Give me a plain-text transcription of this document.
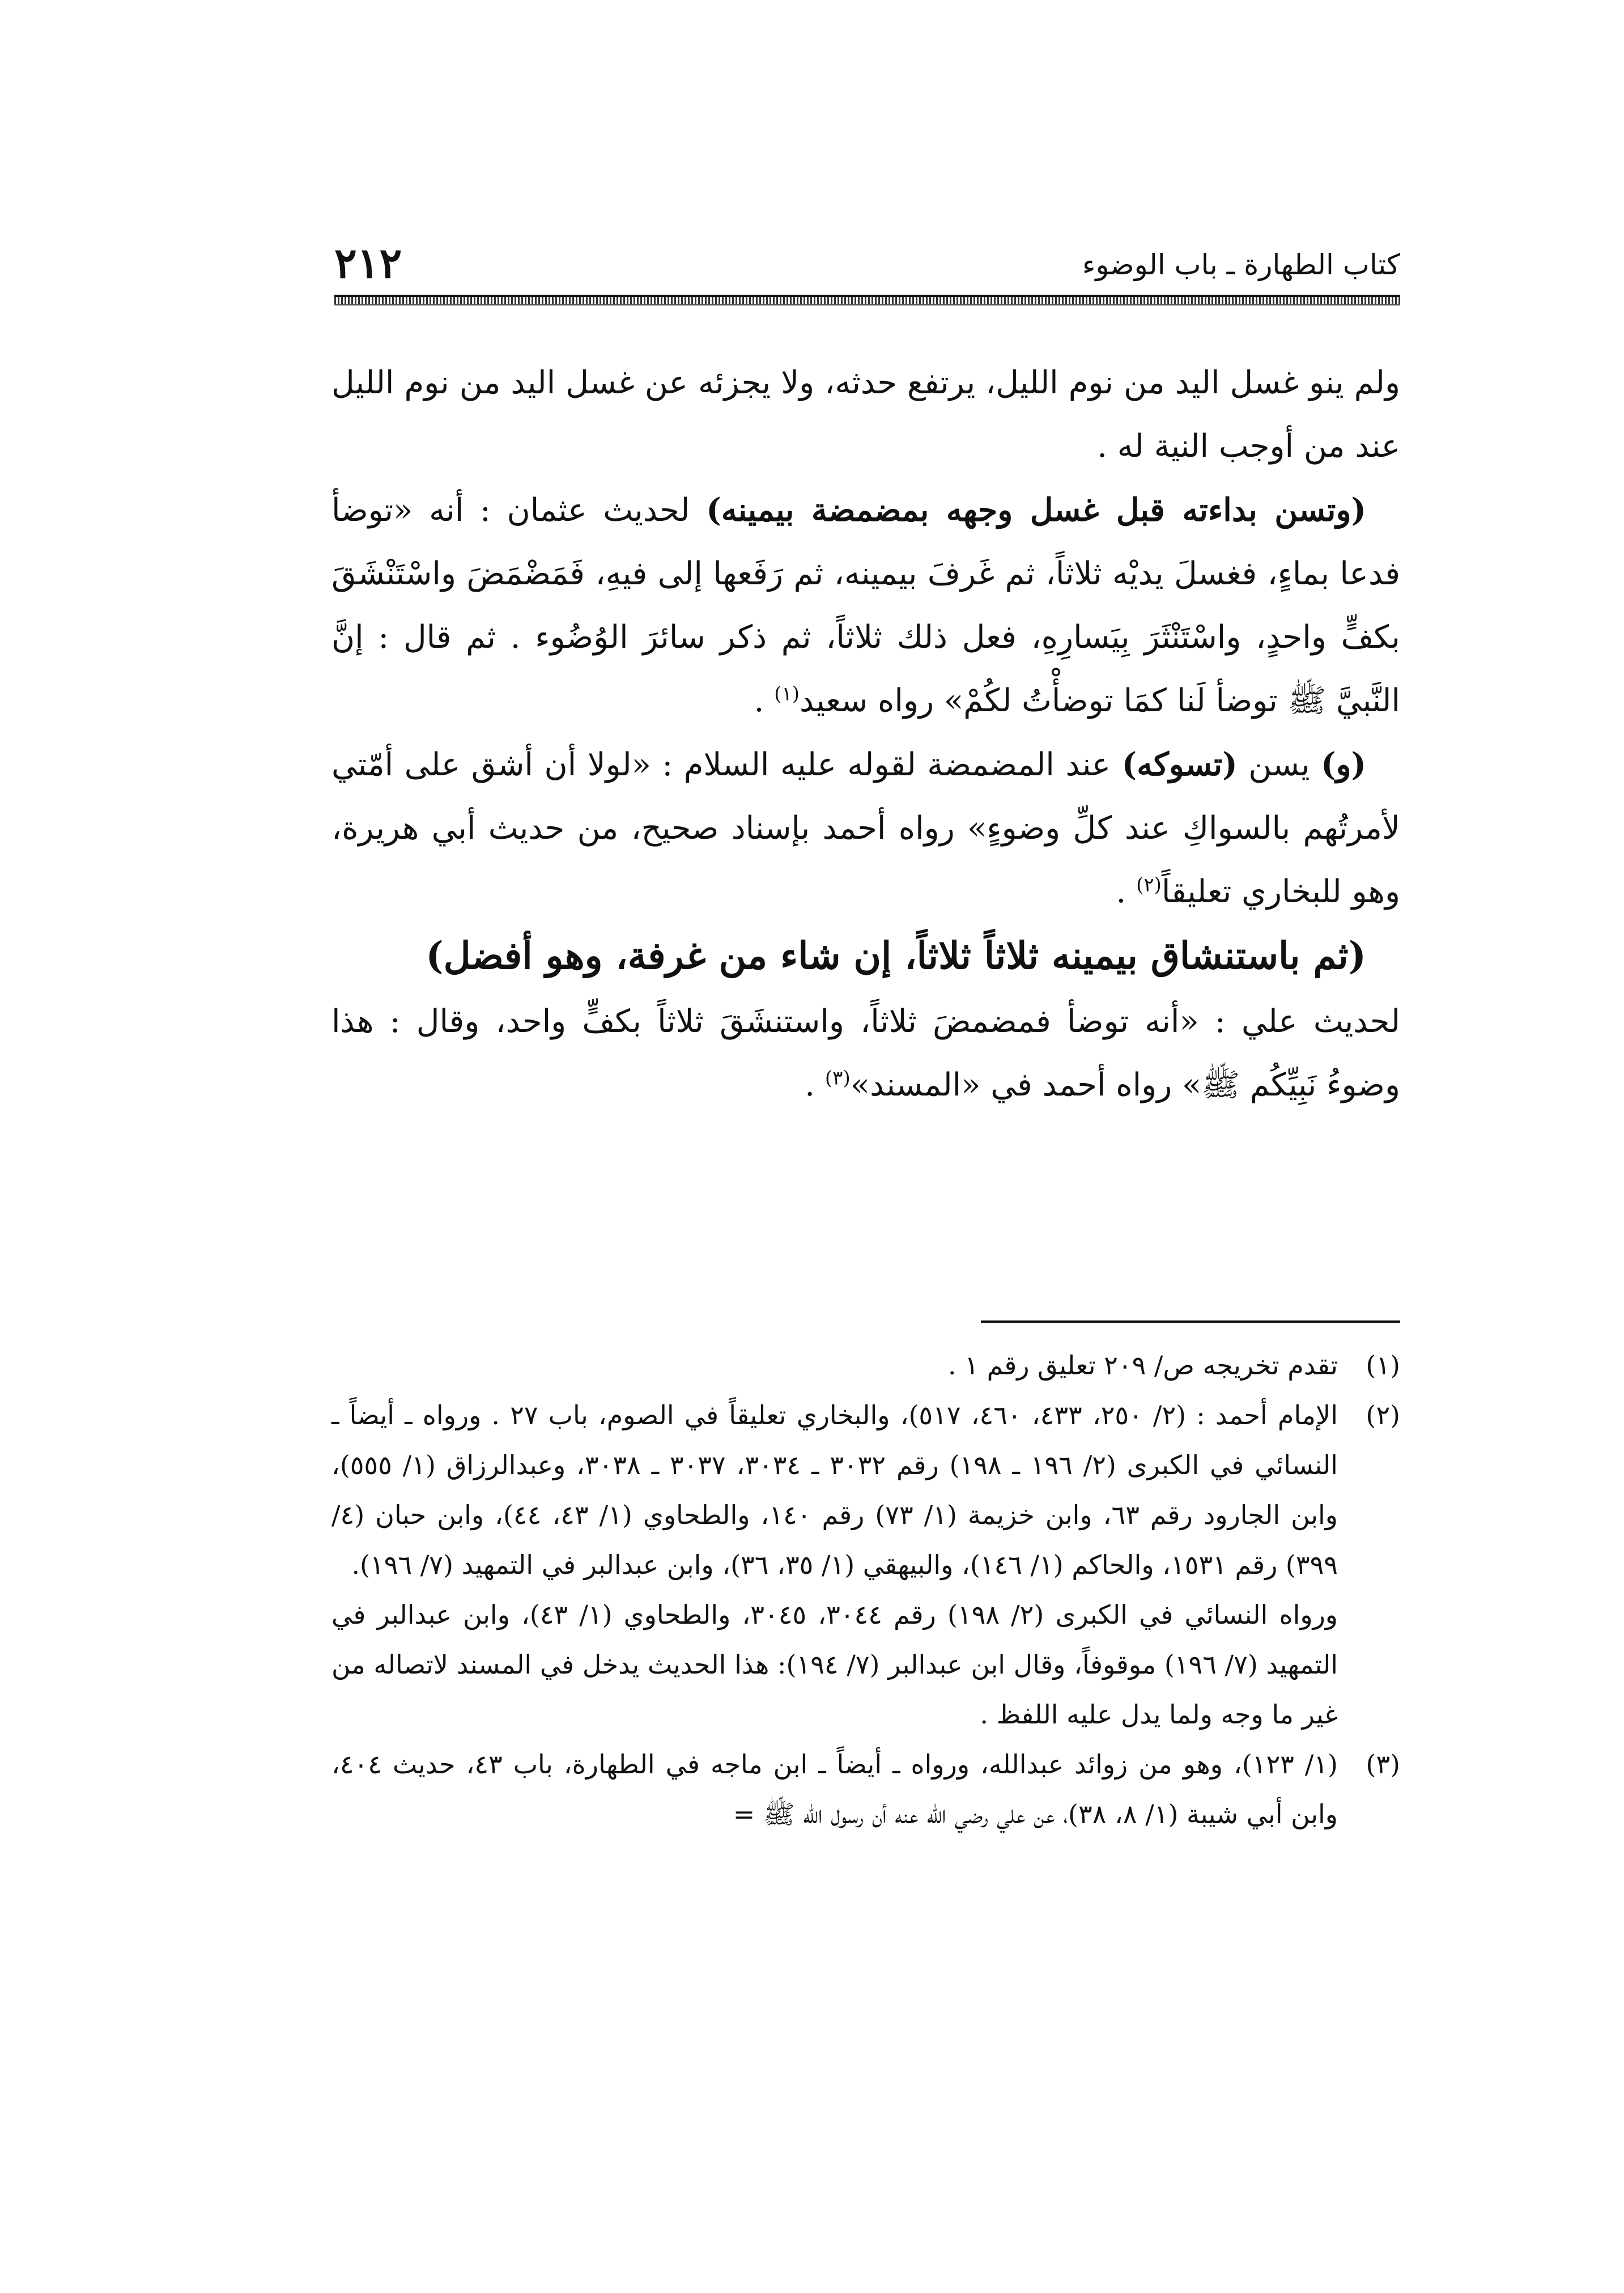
كتاب الطهارة ـ باب الوضوء
٢١٢

ولم ينو غسل اليد من نوم الليل، يرتفع حدثه، ولا يجزئه عن غسل اليد من نوم الليل عند من أوجب النية له .

(وتسن بداءته قبل غسل وجهه بمضمضة بيمينه) لحديث عثمان : أنه «توضأ فدعا بماءٍ، فغسلَ يديْه ثلاثاً، ثم غَرفَ بيمينه، ثم رَفَعها إلى فيهِ، فَمَضْمَضَ واسْتَنْشَقَ بكفٍّ واحدٍ، واسْتَنْثَرَ بِيَسارِهِ، فعل ذلك ثلاثاً، ثم ذكر سائرَ الوُضُوء . ثم قال : إنَّ النَّبيَّ ﷺ توضأ لَنا كمَا توضأْتُ لكُمْ» رواه سعيد$^{(١)}$ .

(و) يسن (تسوكه) عند المضمضة لقوله عليه السلام : «لولا أن أشق على أمّتي لأمرتُهم بالسواكِ عند كلِّ وضوءٍ» رواه أحمد بإسناد صحيح، من حديث أبي هريرة، وهو للبخاري تعليقاً$^{(٢)}$ .

(ثم باستنشاق بيمينه ثلاثاً ثلاثاً، إن شاء من غرفة، وهو أفضل)

لحديث علي : «أنه توضأ فمضمضَ ثلاثاً، واستنشَقَ ثلاثاً بكفٍّ واحد، وقال : هذا وضوءُ نَبِيِّكُم ﷺ» رواه أحمد في «المسند»$^{(٣)}$ .

(١)
تقدم تخريجه ص/ ٢٠٩ تعليق رقم ١ .
(٢)
الإمام أحمد : (٢/ ٢٥٠، ٤٣٣، ٤٦٠، ٥١٧)، والبخاري تعليقاً في الصوم، باب ٢٧ . ورواه ـ أيضاً ـ النسائي في الكبرى (٢/ ١٩٦ ـ ١٩٨) رقم ٣٠٣٢ ـ ٣٠٣٤، ٣٠٣٧ ـ ٣٠٣٨، وعبدالرزاق (١/ ٥٥٥)، وابن الجارود رقم ٦٣، وابن خزيمة (١/ ٧٣) رقم ١٤٠، والطحاوي (١/ ٤٣، ٤٤)، وابن حبان (٤/ ٣٩٩) رقم ١٥٣١، والحاكم (١/ ١٤٦)، والبيهقي (١/ ٣٥، ٣٦)، وابن عبدالبر في التمهيد (٧/ ١٩٦).

ورواه النسائي في الكبرى (٢/ ١٩٨) رقم ٣٠٤٤، ٣٠٤٥، والطحاوي (١/ ٤٣)، وابن عبدالبر في التمهيد (٧/ ١٩٦) موقوفاً، وقال ابن عبدالبر (٧/ ١٩٤): هذا الحديث يدخل في المسند لاتصاله من غير ما وجه ولما يدل عليه اللفظ .

(٣)
(١/ ١٢٣)، وهو من زوائد عبدالله، ورواه ـ أيضاً ـ ابن ماجه في الطهارة، باب ٤٣، حديث ٤٠٤، وابن أبي شيبة (١/ ٨، ٣٨)، عن علي رضي الله عنه أن رسول الله ﷺ =
